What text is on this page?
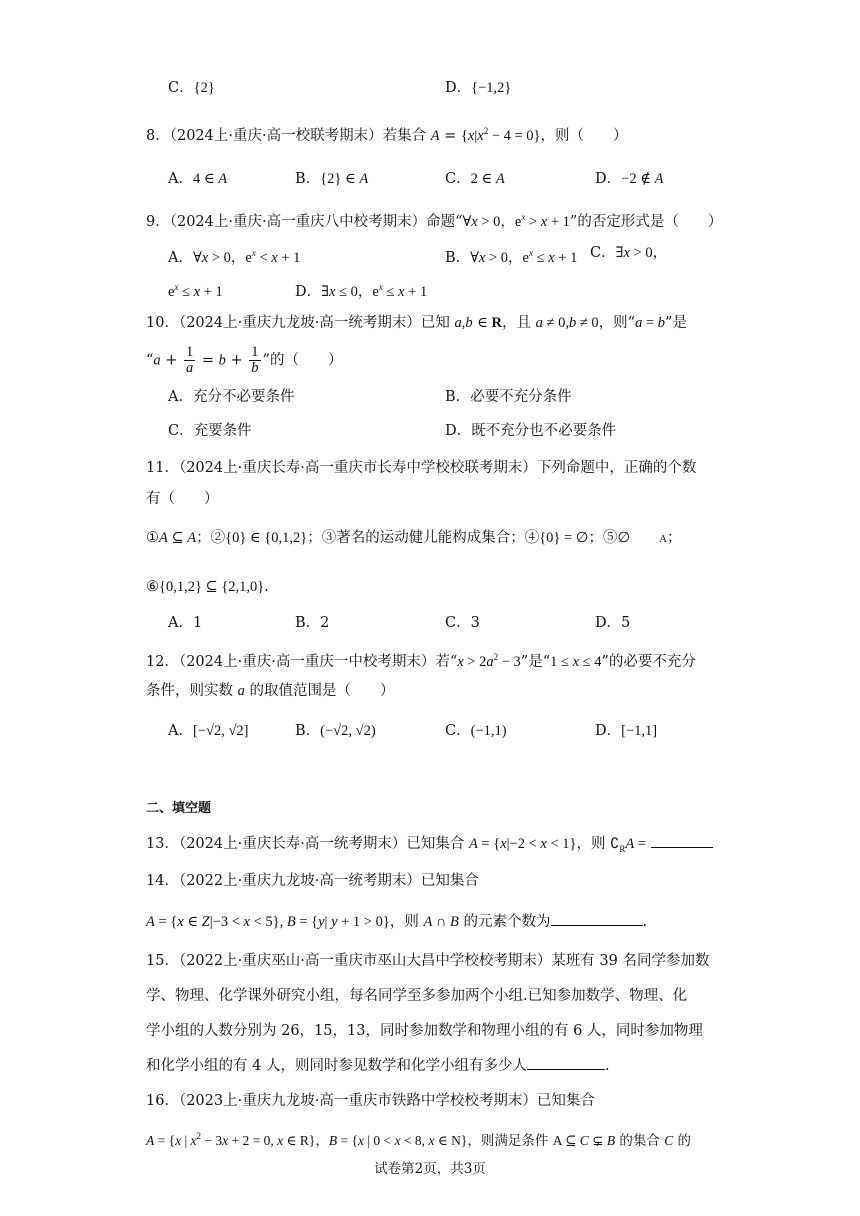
C．{2}	D．{−1,2}
8．（2024上·重庆·高一校联考期末）若集合 $A = \{x|x^2 - 4 = 0\}$，则（　　）
A．4 ∈ A	B．{2} ∈ A	C．2 ∈ A	D．−2 ∉ A
9．（2024上·重庆·高一重庆八中校考期末）命题“∀x > 0，$e^x > x + 1$”的否定形式是（　　）
A．∀x > 0，$e^x < x + 1$	B．∀x > 0，$e^x \le x + 1$ C．∃x > 0，
$e^x \le x + 1$	D．∃x ≤ 0，$e^x \le x + 1$
10．（2024上·重庆九龙坡·高一统考期末）已知 a,b ∈ R，且 a ≠ 0,b ≠ 0，则“a = b”是
“$a + \frac{1}{a} = b + \frac{1}{b}$ ”的（　　）
A．充分不必要条件	B．必要不充分条件
C．充要条件	D．既不充分也不必要条件
11．（2024上·重庆长寿·高一重庆市长寿中学校校联考期末）下列命题中，正确的个数
有（　　）
①A ⊆ A；②{0} ∈ {0,1,2}；③著名的运动健儿能构成集合；④{0} = ∅；⑤∅　　	A；
⑥{0,1,2} ⊆ {2,1,0}.
A．1	B．2	C．3	D．5
12．（2024上·重庆·高一重庆一中校考期末）若“$x > 2a^2 - 3$”是“1 ≤ x ≤ 4”的必要不充分
条件，则实数 a 的取值范围是（　　）
A．[−√2, √2]	B．(−√2, √2)	C．(−1,1)	D．[−1,1]
二、填空题
13．（2024上·重庆长寿·高一统考期末）已知集合 A = {x|−2 < x < 1}，则 $∁_RA$ =
14．（2022上·重庆九龙坡·高一统考期末）已知集合
A = {x ∈ Z|−3 < x < 5}, B = {y| y + 1 > 0}，则 A ∩ B 的元素个数为	.
15．（2022上·重庆巫山·高一重庆市巫山大昌中学校校考期末）某班有 39 名同学参加数
学、物理、化学课外研究小组，每名同学至多参加两个小组.已知参加数学、物理、化
学小组的人数分别为 26，15，13，同时参加数学和物理小组的有 6 人，同时参加物理
和化学小组的有 4 人，则同时参见数学和化学小组有多少人	.
16．（2023上·重庆九龙坡·高一重庆市铁路中学校校考期末）已知集合
A = {x | $x^2 - 3x + 2 = 0$, x ∈ R}，B = {x | 0 < x < 8, x ∈ N}，则满足条件 A ⊆ C ⊊ B 的集合 C 的
试卷第2页，共3页
